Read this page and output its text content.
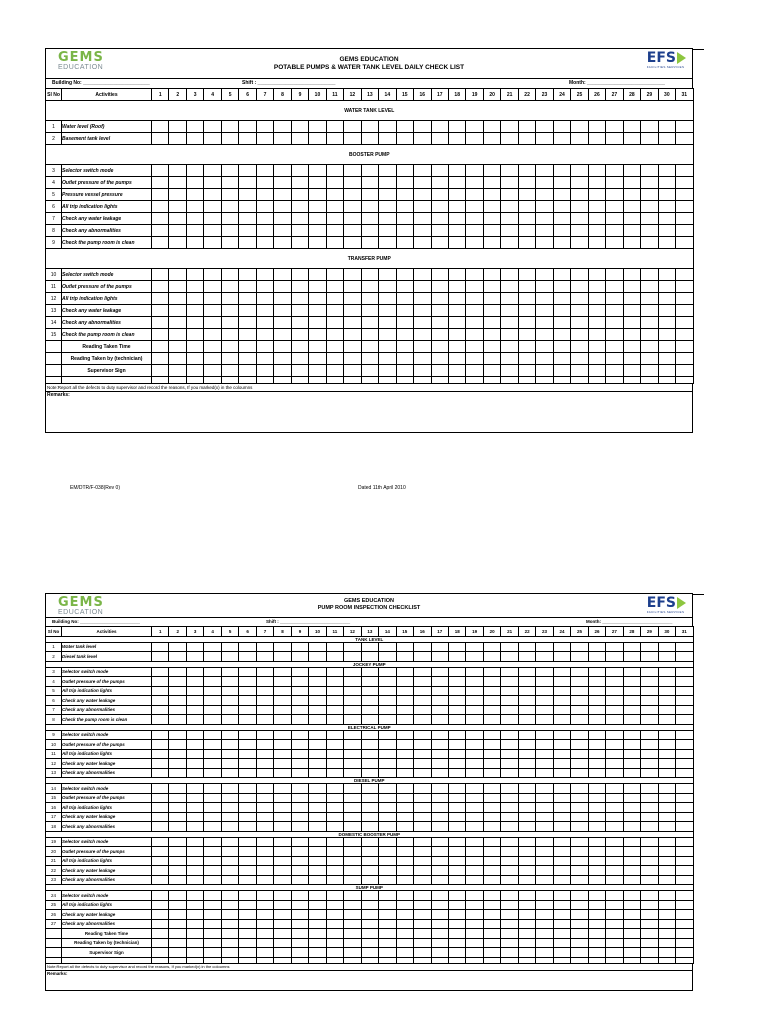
GEMS
EDUCATION
GEMS EDUCATION
POTABLE PUMPS & WATER TANK LEVEL DAILY CHECK LIST
EFS
FACILITIES SERVICES
Building No: ________________________	Shift : ____________________________	Month: ____________________________
Sl No	Activities	1	2	3	4	5	6	7	8	9	10	11	12	13	14	15	16	17	18	19	20	21	22	23	24	25	26	27	28	29	30	31
WATER TANK LEVEL																																
1	Water level (Roof)																															
2	Basement tank level																															
BOOSTER PUMP																																
3	Selector switch mode																															
4	Outlet pressure of the pumps																															
5	Pressure vessel pressure																															
6	All trip indication lights																															
7	Check any water leakage																															
8	Check any abnormalities																															
9	Check the pump room is clean																															
TRANSFER PUMP																																
10	Selector switch mode																															
11	Outlet pressure of the pumps																															
12	All trip indication lights																															
13	Check any water leakage																															
14	Check any abnormalities																															
15	Check the pump room is clean																															
	Reading Taken Time																															
	Reading Taken by (technician)																															
	Supervisor Sign																															

Note:Report all the defects to duty supervisor and record the reasons, If you marked(x) in the coloumns
Remarks:
EM/DTR/F-038(Rev 0)	Dated 11th April 2010
GEMS
EDUCATION
GEMS EDUCATION
PUMP ROOM INSPECTION CHECKLIST	EFS
FACILITIES SERVICES
Building No: ________________________	Shift : ____________________________	Month: ____________________________
Sl No	Activities	1	2	3	4	5	6	7	8	9	10	11	12	13	14	15	16	17	18	19	20	21	22	23	24	25	26	27	28	29	30	31
TANK LEVEL																																
1	Water tank level																															
2	Diesel tank level																															
JOCKEY PUMP																																
3	Selector switch mode																															
4	Outlet pressure of the pumps																															
5	All trip indication lights																															
6	Check any water leakage																															
7	Check any abnormalities																															
8	Check the pump room is clean																															
ELECTRICAL PUMP																																
9	Selector switch mode																															
10	Outlet pressure of the pumps																															
11	All trip indication lights																															
12	Check any water leakage																															
13	Check any abnormalities																															
DIESEL PUMP																																
14	Selector switch mode																															
15	Outlet pressure of the pumps																															
16	All trip indication lights																															
17	Check any water leakage																															
18	Check any abnormalities																															
DOMESTIC BOOSTER PUMP																																
19	Selector switch mode																															
20	Outlet pressure of the pumps																															
21	All trip indication lights																															
22	Check any water leakage																															
23	Check any abnormalities																															
SUMP PUMP																																
24	Selector switch mode																															
25	All trip indication lights																															
26	Check any water leakage																															
27	Check any abnormalities																															
	Reading Taken Time																															
	Reading Taken by (technician)																															
	Supervisor Sign																															

Note:Report all the defects to duty supervisor and record the reasons, If you marked(x) in the coloumns
Remarks:
